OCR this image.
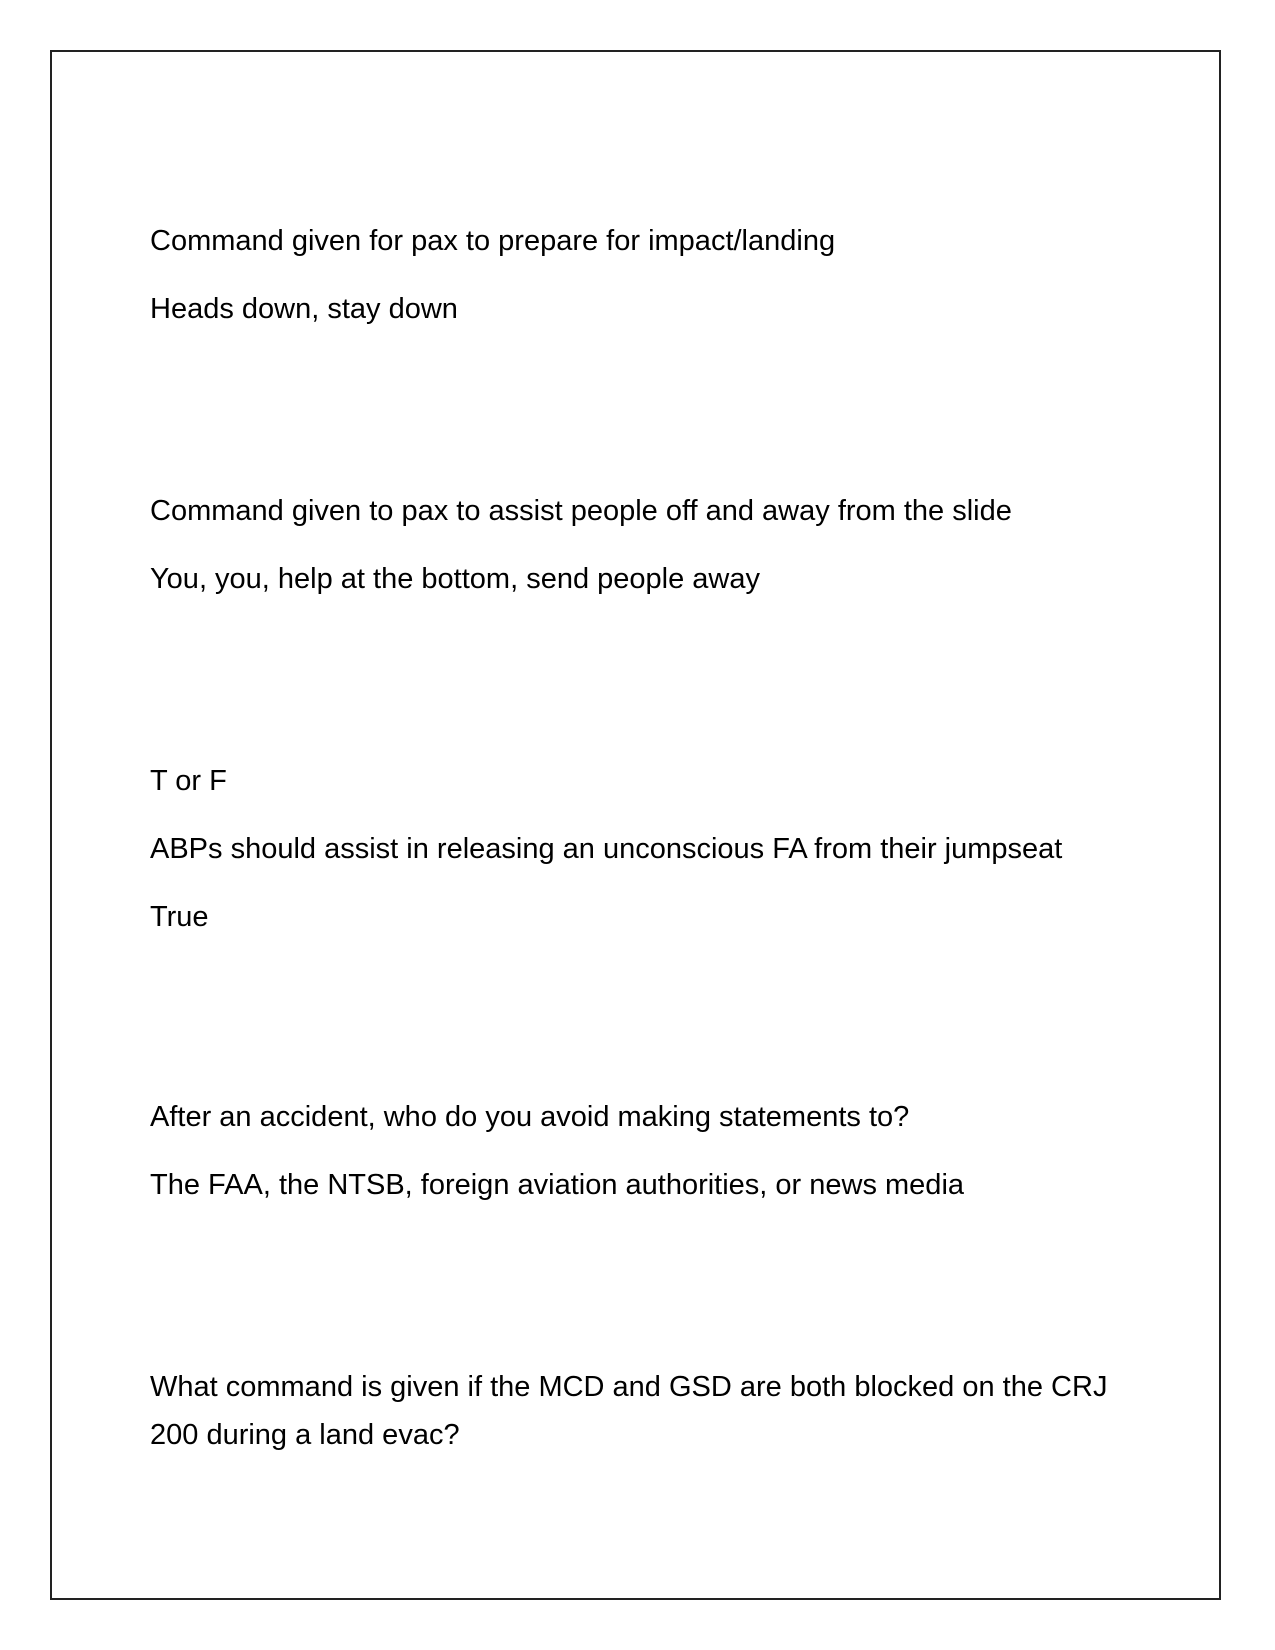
Command given for pax to prepare for impact/landing
Heads down, stay down
Command given to pax to assist people off and away from the slide
You, you, help at the bottom, send people away
T or F
ABPs should assist in releasing an unconscious FA from their jumpseat
True
After an accident, who do you avoid making statements to?
The FAA, the NTSB, foreign aviation authorities, or news media
What command is given if the MCD and GSD are both blocked on the CRJ 200 during a land evac?
